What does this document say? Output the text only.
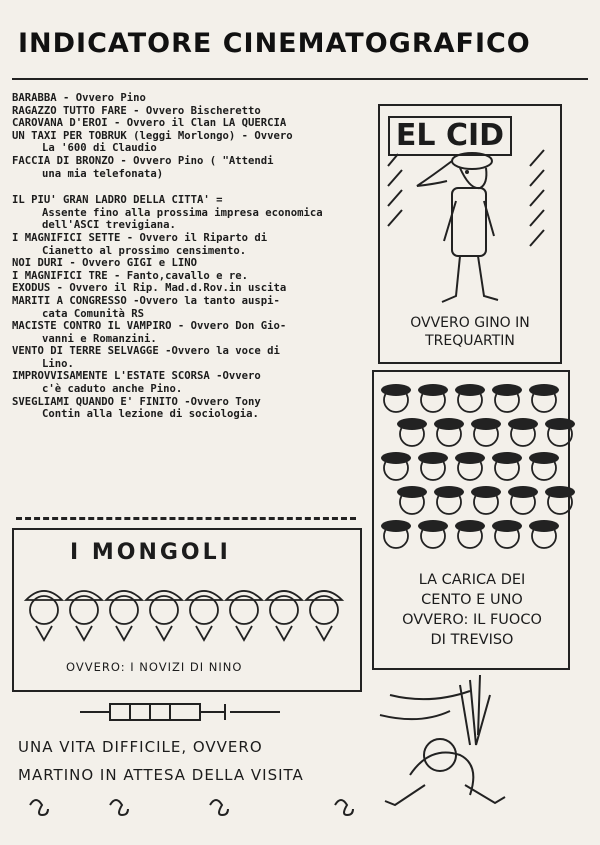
INDICATORE CINEMATOGRAFICO
BARABBA - Ovvero Pino
RAGAZZO TUTTO FARE - Ovvero Bischeretto
CAROVANA D'EROI - Ovvero il Clan LA QUERCIA
UN TAXI PER TOBRUK (leggi Morlongo) - Ovvero
La '600 di Claudio
FACCIA DI BRONZO - Ovvero Pino ( "Attendi
una mia telefonata)
IL PIU' GRAN LADRO DELLA CITTA' =
Assente fino alla prossima impresa economica dell'ASCI trevigiana.
I MAGNIFICI SETTE - Ovvero il Riparto di
Cianetto al prossimo censimento.
NOI DURI - Ovvero GIGI e LINO
I MAGNIFICI TRE - Fanto,cavallo e re.
EXODUS - Ovvero il Rip. Mad.d.Rov.in uscita
MARITI A CONGRESSO -Ovvero la tanto auspi-
cata Comunità RS
MACISTE CONTRO IL VAMPIRO - Ovvero Don Gio-
vanni e Romanzini.
VENTO DI TERRE SELVAGGE -Ovvero la voce di
Lino.
IMPROVVISAMENTE L'ESTATE SCORSA -Ovvero
c'è caduto anche Pino.
SVEGLIAMI QUANDO E' FINITO -Ovvero Tony
Contin alla lezione di sociologia.
EL CID
OVVERO GINO IN
TREQUARTIN
LA CARICA DEI
CENTO E UNO
OVVERO: IL FUOCO
DI TREVISO
I MONGOLI
OVVERO: I NOVIZI DI NINO
UNA VITA DIFFICILE, OVVERO
MARTINO IN ATTESA DELLA VISITA
